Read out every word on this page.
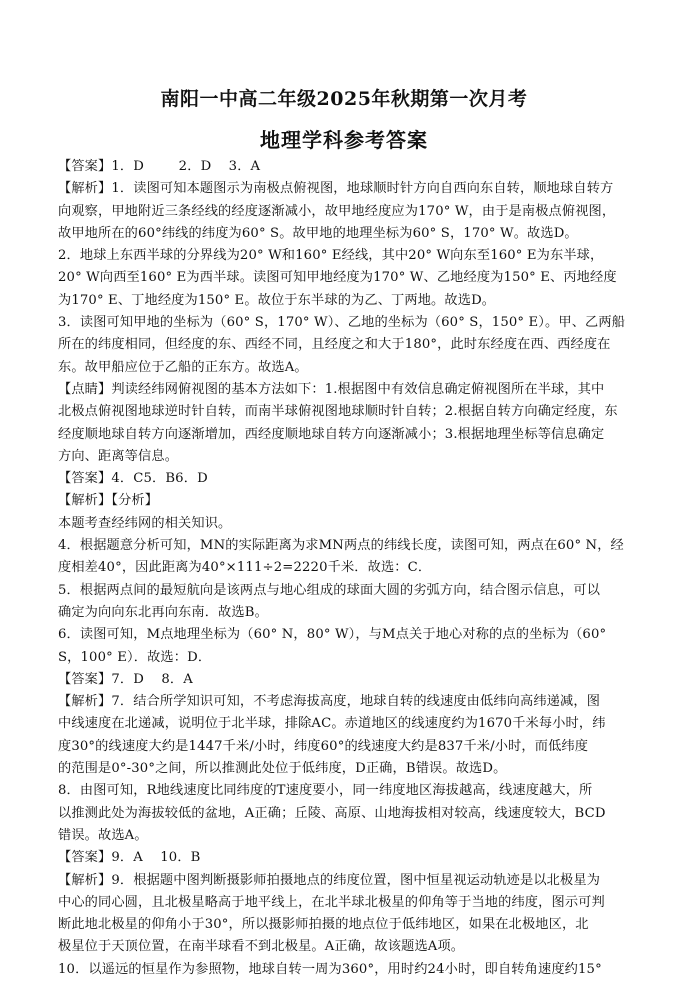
南阳一中高二年级2025年秋期第一次月考
地理学科参考答案
【答案】1．D        2．D    3．A
【解析】1．读图可知本题图示为南极点俯视图，地球顺时针方向自西向东自转，顺地球自转方
向观察，甲地附近三条经线的经度逐渐减小，故甲地经度应为170° W，由于是南极点俯视图，
故甲地所在的60°纬线的纬度为60° S。故甲地的地理坐标为60° S，170° W。故选D。
2．地球上东西半球的分界线为20° W和160° E经线，其中20° W向东至160° E为东半球，
20° W向西至160° E为西半球。读图可知甲地经度为170° W、乙地经度为150° E、丙地经度
为170° E、丁地经度为150° E。故位于东半球的为乙、丁两地。故选D。
3．读图可知甲地的坐标为（60° S，170° W）、乙地的坐标为（60° S，150° E）。甲、乙两船
所在的纬度相同，但经度的东、西经不同，且经度之和大于180°，此时东经度在西、西经度在
东。故甲船应位于乙船的正东方。故选A。
【点睛】判读经纬网俯视图的基本方法如下：1.根据图中有效信息确定俯视图所在半球，其中
北极点俯视图地球逆时针自转，而南半球俯视图地球顺时针自转；2.根据自转方向确定经度，东
经度顺地球自转方向逐渐增加，西经度顺地球自转方向逐渐减小；3.根据地理坐标等信息确定
方向、距离等信息。
【答案】4．C5．B6．D
【解析】【分析】
本题考查经纬网的相关知识。
4．根据题意分析可知，MN的实际距离为求MN两点的纬线长度，读图可知，两点在60° N，经
度相差40°，因此距离为40°×111÷2=2220千米．故选：C．
5．根据两点间的最短航向是该两点与地心组成的球面大圆的劣弧方向，结合图示信息，可以
确定为向向东北再向东南．故选B。
6．读图可知，M点地理坐标为（60° N，80° W），与M点关于地心对称的点的坐标为（60°
S，100° E）．故选：D．
【答案】7．D    8．A
【解析】7．结合所学知识可知，不考虑海拔高度，地球自转的线速度由低纬向高纬递减，图
中线速度在北递减，说明位于北半球，排除AC。赤道地区的线速度约为1670千米每小时，纬
度30°的线速度大约是1447千米/小时，纬度60°的线速度大约是837千米/小时，而低纬度
的范围是0°-30°之间，所以推测此处位于低纬度，D正确，B错误。故选D。
8．由图可知，R地线速度比同纬度的T速度要小，同一纬度地区海拔越高，线速度越大，所
以推测此处为海拔较低的盆地，A正确；丘陵、高原、山地海拔相对较高，线速度较大，BCD
错误。故选A。
【答案】9．A    10．B
【解析】9．根据题中图判断摄影师拍摄地点的纬度位置，图中恒星视运动轨迹是以北极星为
中心的同心圆，且北极星略高于地平线上，在北半球北极星的仰角等于当地的纬度，图示可判
断此地北极星的仰角小于30°，所以摄影师拍摄的地点位于低纬地区，如果在北极地区，北
极星位于天顶位置，在南半球看不到北极星。A正确，故该题选A项。
10．以遥远的恒星作为参照物，地球自转一周为360°，用时约24小时，即自转角速度约15°
